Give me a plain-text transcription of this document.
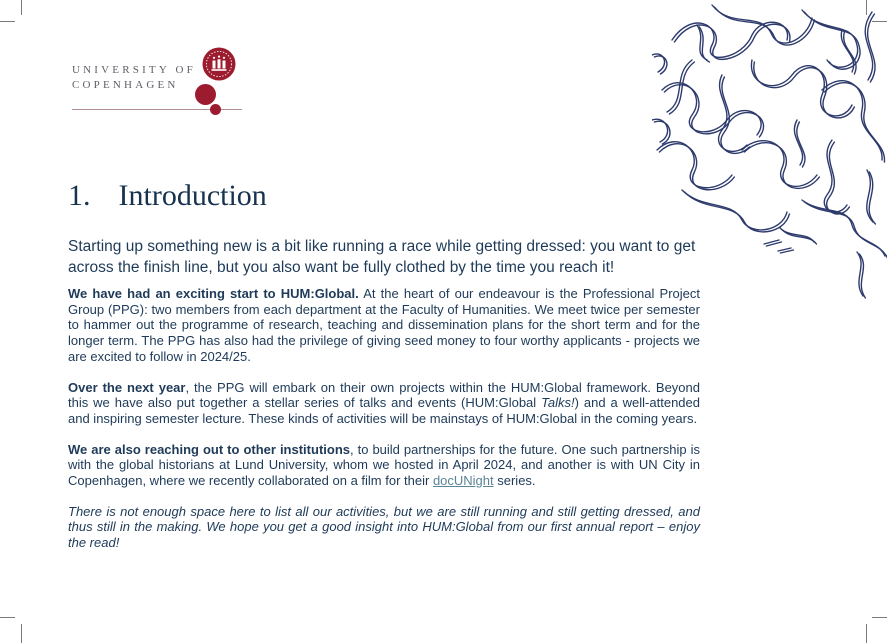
UNIVERSITY OF
COPENHAGEN
1. Introduction
Starting up something new is a bit like running a race while getting dressed: you want to get across the finish line, but you also want be fully clothed by the time you reach it!

We have had an exciting start to HUM:Global. At the heart of our endeavour is the Professional Project Group (PPG): two members from each department at the Faculty of Humanities. We meet twice per semester to hammer out the programme of research, teaching and dissemination plans for the short term and for the longer term. The PPG has also had the privilege of giving seed money to four worthy applicants - projects we are excited to follow in 2024/25.

Over the next year, the PPG will embark on their own projects within the HUM:Global framework. Beyond this we have also put together a stellar series of talks and events (HUM:Global Talks!) and a well-attended and inspiring semester lecture. These kinds of activities will be mainstays of HUM:Global in the coming years.

We are also reaching out to other institutions, to build partnerships for the future. One such partnership is with the global historians at Lund University, whom we hosted in April 2024, and another is with UN City in Copenhagen, where we recently collaborated on a film for their docUNight series.

There is not enough space here to list all our activities, but we are still running and still getting dressed, and thus still in the making. We hope you get a good insight into HUM:Global from our first annual report – enjoy the read!
